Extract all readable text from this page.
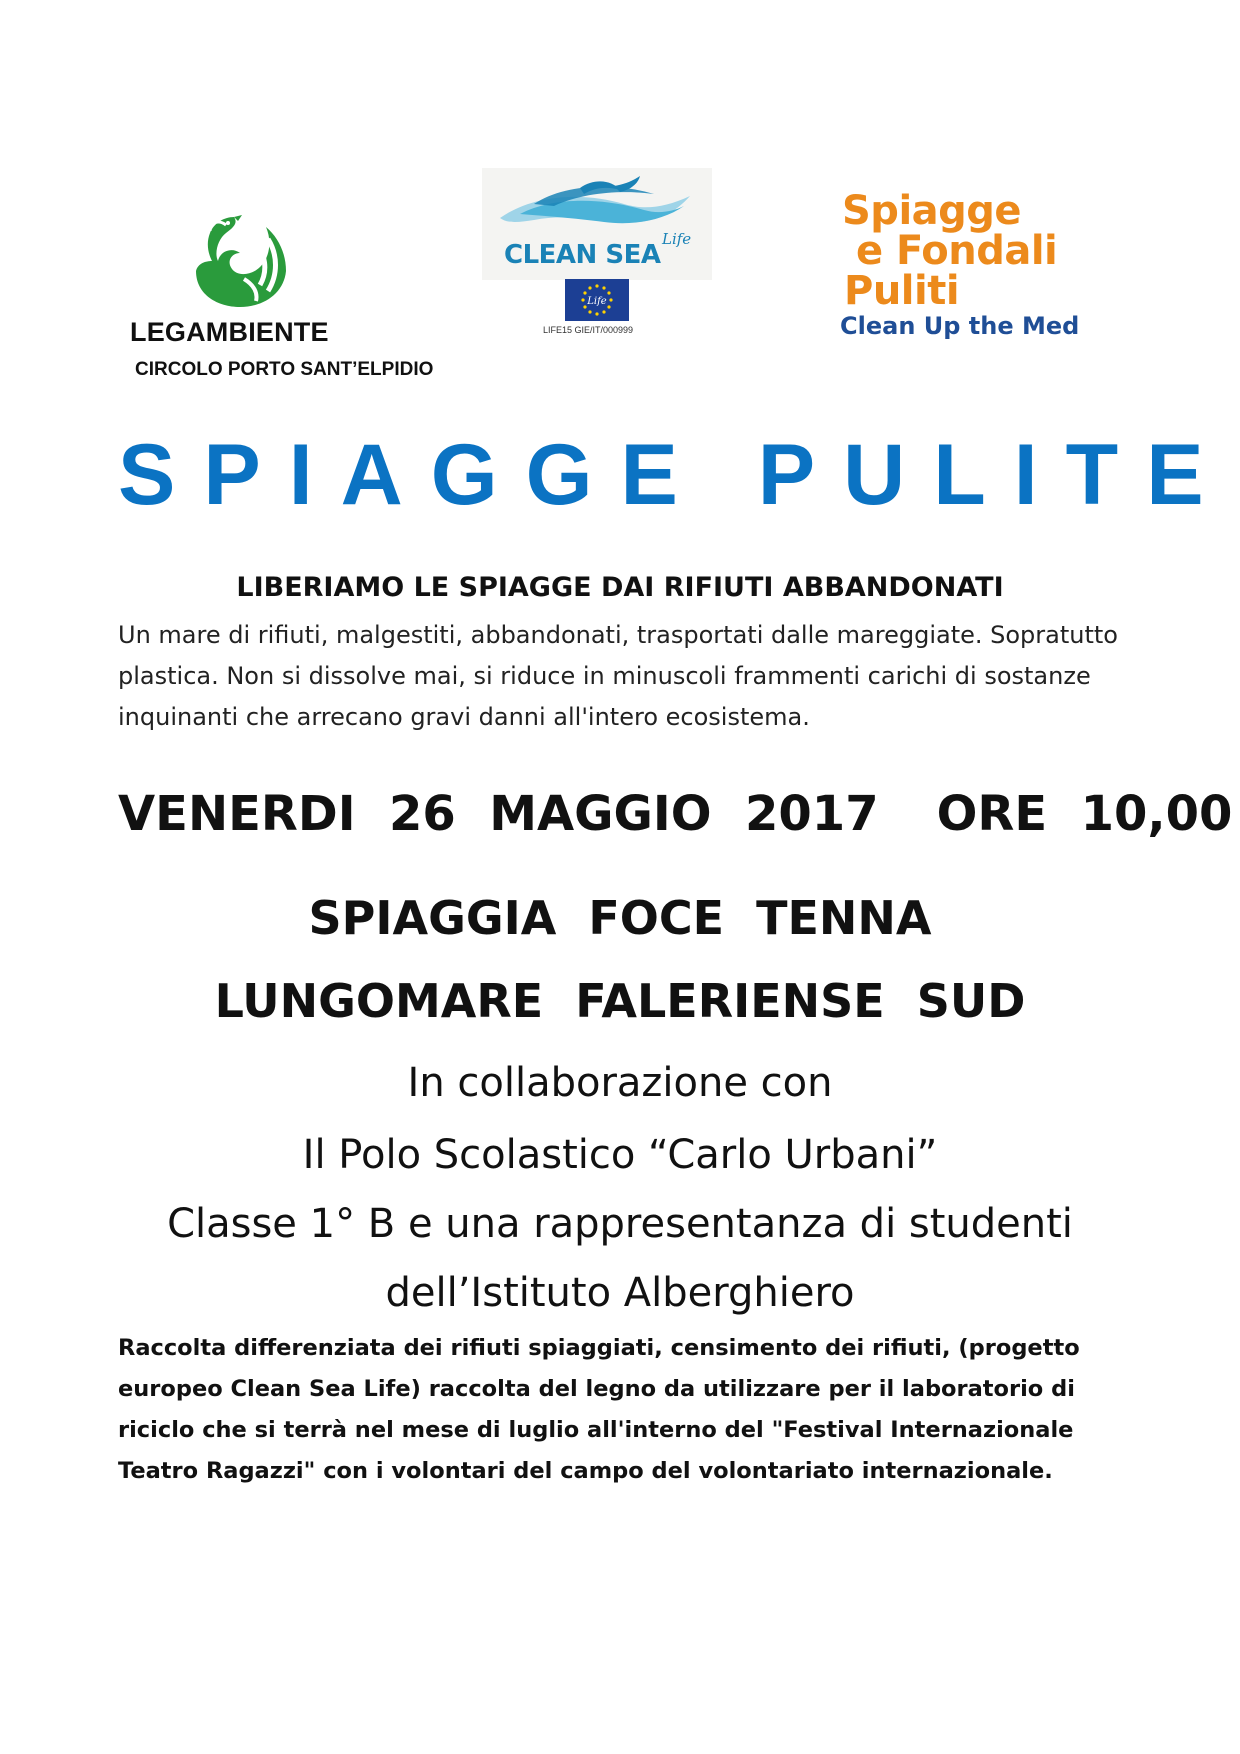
LEGAMBIENTE
CIRCOLO PORTO SANT’ELPIDIO
CLEAN SEA
Life
Life
LIFE15 GIE/IT/000999
Spiagge
e Fondali
Puliti
Clean Up the Med
SPIAGGE PULITE
LIBERIAMO LE SPIAGGE DAI RIFIUTI ABBANDONATI
Un mare di rifiuti, malgestiti, abbandonati, trasportati dalle mareggiate. Sopratutto plastica. Non si dissolve mai, si riduce in minuscoli frammenti carichi di sostanze inquinanti che arrecano gravi danni all'intero ecosistema.
VENERDI  26  MAGGIO  2017 ORE  10,00
SPIAGGIA  FOCE  TENNA
LUNGOMARE  FALERIENSE  SUD
In collaborazione con
Il Polo Scolastico “Carlo Urbani”
Classe 1° B e una rappresentanza di studenti
dell’Istituto Alberghiero
Raccolta differenziata dei rifiuti spiaggiati, censimento dei rifiuti, (progetto europeo Clean Sea Life) raccolta del legno da utilizzare per il laboratorio di riciclo che si terrà nel mese di luglio all'interno del "Festival Internazionale Teatro Ragazzi" con i volontari del campo del volontariato internazionale.
